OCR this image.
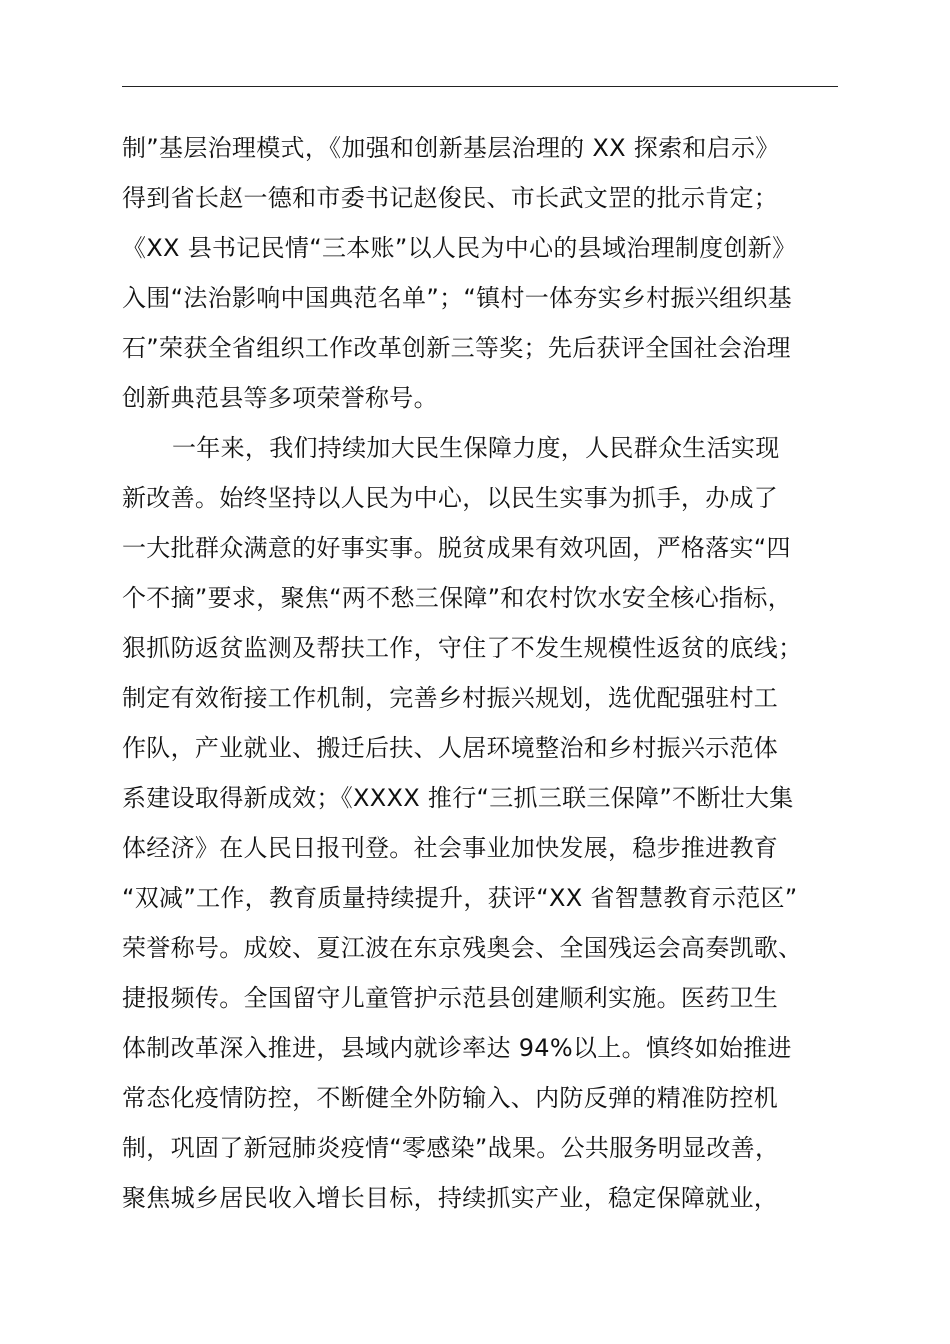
制”基层治理模式，《加强和创新基层治理的 XX 探索和启示》
得到省长赵一德和市委书记赵俊民、市长武文罡的批示肯定；
《XX 县书记民情“三本账”以人民为中心的县域治理制度创新》
入围“法治影响中国典范名单”；“镇村一体夯实乡村振兴组织基
石”荣获全省组织工作改革创新三等奖；先后获评全国社会治理
创新典范县等多项荣誉称号。
一年来，我们持续加大民生保障力度，人民群众生活实现
新改善。始终坚持以人民为中心，以民生实事为抓手，办成了
一大批群众满意的好事实事。脱贫成果有效巩固，严格落实“四
个不摘”要求，聚焦“两不愁三保障”和农村饮水安全核心指标，
狠抓防返贫监测及帮扶工作，守住了不发生规模性返贫的底线；
制定有效衔接工作机制，完善乡村振兴规划，选优配强驻村工
作队，产业就业、搬迁后扶、人居环境整治和乡村振兴示范体
系建设取得新成效；《XXXX 推行“三抓三联三保障”不断壮大集
体经济》在人民日报刊登。社会事业加快发展，稳步推进教育
“双减”工作，教育质量持续提升，获评“XX 省智慧教育示范区”
荣誉称号。成姣、夏江波在东京残奥会、全国残运会高奏凯歌、
捷报频传。全国留守儿童管护示范县创建顺利实施。医药卫生
体制改革深入推进，县域内就诊率达 94%以上。慎终如始推进
常态化疫情防控，不断健全外防输入、内防反弹的精准防控机
制，巩固了新冠肺炎疫情“零感染”战果。公共服务明显改善，
聚焦城乡居民收入增长目标，持续抓实产业，稳定保障就业，
